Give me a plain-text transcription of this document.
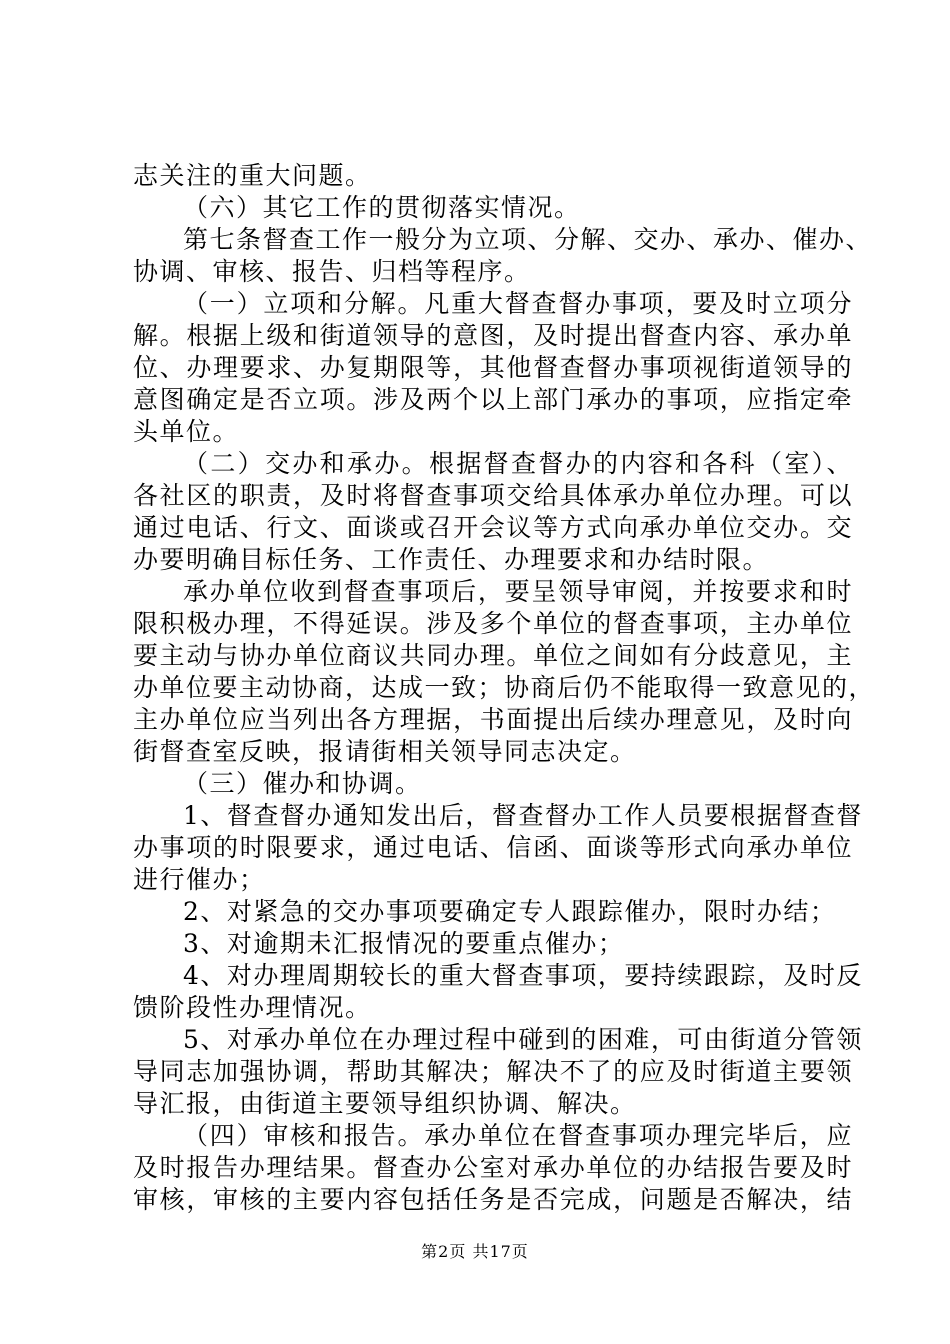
志关注的重大问题。
（六）其它工作的贯彻落实情况。
第七条督查工作一般分为立项、分解、交办、承办、催办、
协调、审核、报告、归档等程序。
（一）立项和分解。凡重大督查督办事项，要及时立项分
解。根据上级和街道领导的意图，及时提出督查内容、承办单
位、办理要求、办复期限等，其他督查督办事项视街道领导的
意图确定是否立项。涉及两个以上部门承办的事项，应指定牵
头单位。
（二）交办和承办。根据督查督办的内容和各科（室）、
各社区的职责，及时将督查事项交给具体承办单位办理。可以
通过电话、行文、面谈或召开会议等方式向承办单位交办。交
办要明确目标任务、工作责任、办理要求和办结时限。
承办单位收到督查事项后，要呈领导审阅，并按要求和时
限积极办理，不得延误。涉及多个单位的督查事项，主办单位
要主动与协办单位商议共同办理。单位之间如有分歧意见，主
办单位要主动协商，达成一致；协商后仍不能取得一致意见的，
主办单位应当列出各方理据，书面提出后续办理意见，及时向
街督查室反映，报请街相关领导同志决定。
（三）催办和协调。
1、督查督办通知发出后，督查督办工作人员要根据督查督
办事项的时限要求，通过电话、信函、面谈等形式向承办单位
进行催办；
2、对紧急的交办事项要确定专人跟踪催办，限时办结；
3、对逾期未汇报情况的要重点催办；
4、对办理周期较长的重大督查事项，要持续跟踪，及时反
馈阶段性办理情况。
5、对承办单位在办理过程中碰到的困难，可由街道分管领
导同志加强协调，帮助其解决；解决不了的应及时街道主要领
导汇报，由街道主要领导组织协调、解决。
（四）审核和报告。承办单位在督查事项办理完毕后，应
及时报告办理结果。督查办公室对承办单位的办结报告要及时
审核，审核的主要内容包括任务是否完成，问题是否解决，结
第2页 共17页
